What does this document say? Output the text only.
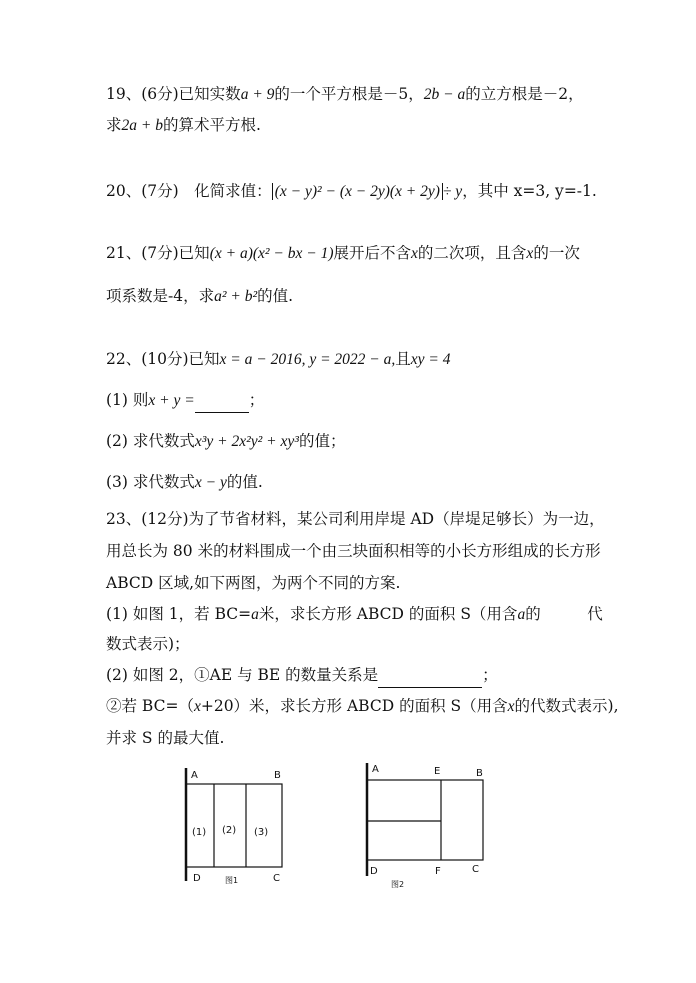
19、(6分)已知实数a + 9的一个平方根是－5，2b − a的立方根是－2，
求2a + b的算术平方根.
20、(7分)　化简求值： (x − y)² − (x − 2y)(x + 2y) ÷ y，其中 x=3, y=-1.
21、(7分)已知(x + a)(x² − bx − 1)展开后不含x的二次项，且含x的一次
项系数是-4，求a² + b²的值.
22、(10分)已知x = a − 2016, y = 2022 − a,且xy = 4
(1) 则x + y =	；
(2) 求代数式x³y + 2x²y² + xy³的值；
(3) 求代数式x − y的值.
23、(12分)为了节省材料，某公司利用岸堤 AD（岸堤足够长）为一边，
用总长为 80 米的材料围成一个由三块面积相等的小长方形组成的长方形
ABCD 区域,如下两图，为两个不同的方案.
(1) 如图 1，若 BC=a米，求长方形 ABCD 的面积 S（用含a的　　　代
数式表示)；
(2) 如图 2，①AE 与 BE 的数量关系是	；
②若 BC=（x+20）米，求长方形 ABCD 的面积 S（用含x的代数式表示),
并求 S 的最大值.
A	B
D	C
(1) (2) (3)
图1
A	E	B
D	F	C
图2
